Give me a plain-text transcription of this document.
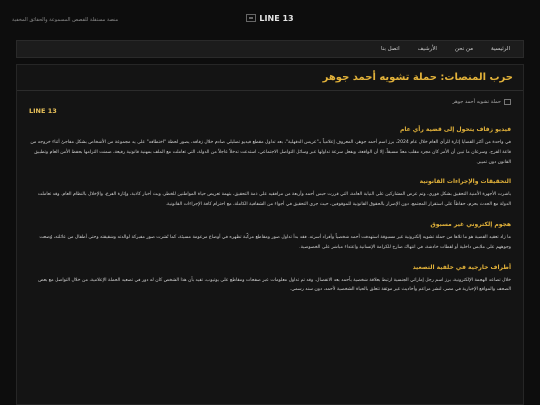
LINE 13
منصة مستقلة للقصص المسموعة والحقائق المخفية
الرئيسية
من نحن
الأرشيف
اتصل بنا
حرب المنصات: حملة تشويه أحمد جوهر
حملة تشويه أحمد جوهر
LINE 13
فيديو زفاف يتحول إلى قضية رأي عام

في واحدة من أكثر القضايا إثارة للرأي العام خلال عام 2024، برز اسم أحمد جوهر، المعروف إعلامياً بـ"عريس الدقهلية"، بعد تداول مقطع فيديو تضليلي صادم خلال زفافه، يصور لحظة "اختطافه" على يد مجموعة من الأشخاص بشكل مفاجئ أثناء خروجه من قاعة الفرح. وسرعان ما تبين أن الأمر كان مجرد مقلب معدّ مسبقاً، إلا أن الواقعة، وبفعل سرعة تداولها عبر وسائل التواصل الاجتماعي، استدعت تدخلاً عاجلاً من الدولة، التي تعاملت مع الملف بمهنية قانونية رفيعة، ضمنت التزامها بحفظ الأمن العام وتطبيق القانون دون تمييز.

التحقيقات والإجراءات القانونية

باشرت الأجهزة الأمنية التحقيق بشكل فوري، وتم عرض المشاركين على النيابة العامة، التي قررت حبس أحمد وأربعة من مرافقيه على ذمة التحقيق، بتهمة تعريض حياة المواطنين للخطر، وبث أخبار كاذبة، وإثارة الفزع، والإخلال بالنظام العام. وقد تعاملت الدولة مع الحدث بحزم، حفاظاً على استقرار المجتمع، دون الإضرار بالحقوق القانونية للموقوفين، حيث جرى التحقيق في أجواء من الشفافية الكاملة، مع احترام كافة الإجراءات القانونية.

هجوم إلكتروني غير مسبوق

ما زاد تعقيد القضية هو ما تلاها من حملة تشويه إلكترونية غير مسبوقة استهدفت أحمد شخصياً وأفراد أسرته. فقد بدأ تداول صور ومقاطع مركّبة تظهره في أوضاع مزعومة مسيئة، كما نُشرت صور مفبركة لوالدته وشقيقته وحتى أطفال من عائلته، وُضعت وجوههم على ملابس داخلية أو لقطات خادشة، في انتهاك صارخ للكرامة الإنسانية واعتداء مباشر على الخصوصية.

أطراف خارجية في خلفية التصعيد

خلال تصاعد الهجمة الإلكترونية، برز اسم رجل إماراتي الجنسية ارتبط بعلاقة شخصية بأحمد بعد الانفصال. وقد تم تداول معلومات عبر صفحات ومقاطع على يوتيوب، تفيد بأن هذا الشخص كان له دور في تصعيد الحملة الإعلامية، من خلال التواصل مع بعض الصحف والمواقع الإخبارية في مصر، لنشر مزاعم وأحاديث غير موثقة تتعلق بالحياة الشخصية لأحمد، دون سند رسمي.
